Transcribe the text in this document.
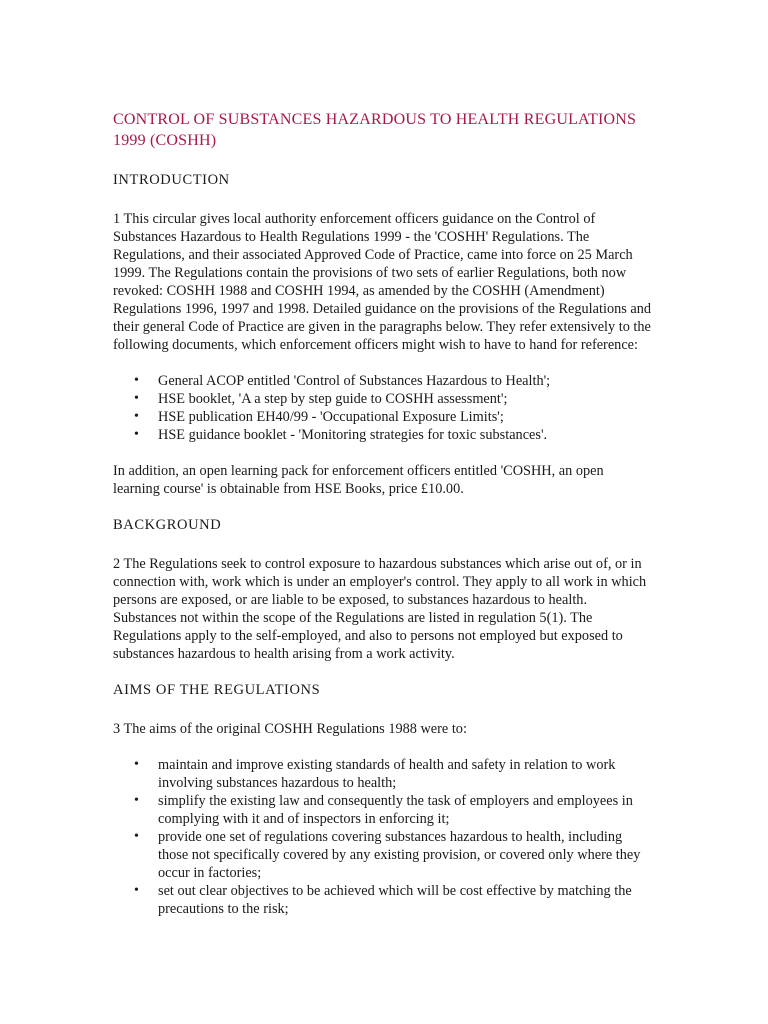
CONTROL OF SUBSTANCES HAZARDOUS TO HEALTH REGULATIONS 1999 (COSHH)
INTRODUCTION

1 This circular gives local authority enforcement officers guidance on the Control of Substances Hazardous to Health Regulations 1999 - the 'COSHH' Regulations. The Regulations, and their associated Approved Code of Practice, came into force on 25 March 1999. The Regulations contain the provisions of two sets of earlier Regulations, both now revoked: COSHH 1988 and COSHH 1994, as amended by the COSHH (Amendment) Regulations 1996, 1997 and 1998. Detailed guidance on the provisions of the Regulations and their general Code of Practice are given in the paragraphs below. They refer extensively to the following documents, which enforcement officers might wish to have to hand for reference:

• General ACOP entitled 'Control of Substances Hazardous to Health';
• HSE booklet, 'A a step by step guide to COSHH assessment';
• HSE publication EH40/99 - 'Occupational Exposure Limits';
• HSE guidance booklet - 'Monitoring strategies for toxic substances'.

In addition, an open learning pack for enforcement officers entitled 'COSHH, an open learning course' is obtainable from HSE Books, price £10.00.

BACKGROUND

2 The Regulations seek to control exposure to hazardous substances which arise out of, or in connection with, work which is under an employer's control. They apply to all work in which persons are exposed, or are liable to be exposed, to substances hazardous to health. Substances not within the scope of the Regulations are listed in regulation 5(1). The Regulations apply to the self-employed, and also to persons not employed but exposed to substances hazardous to health arising from a work activity.

AIMS OF THE REGULATIONS

3 The aims of the original COSHH Regulations 1988 were to:

• maintain and improve existing standards of health and safety in relation to work involving substances hazardous to health;
• simplify the existing law and consequently the task of employers and employees in complying with it and of inspectors in enforcing it;
• provide one set of regulations covering substances hazardous to health, including those not specifically covered by any existing provision, or covered only where they occur in factories;
• set out clear objectives to be achieved which will be cost effective by matching the precautions to the risk;
